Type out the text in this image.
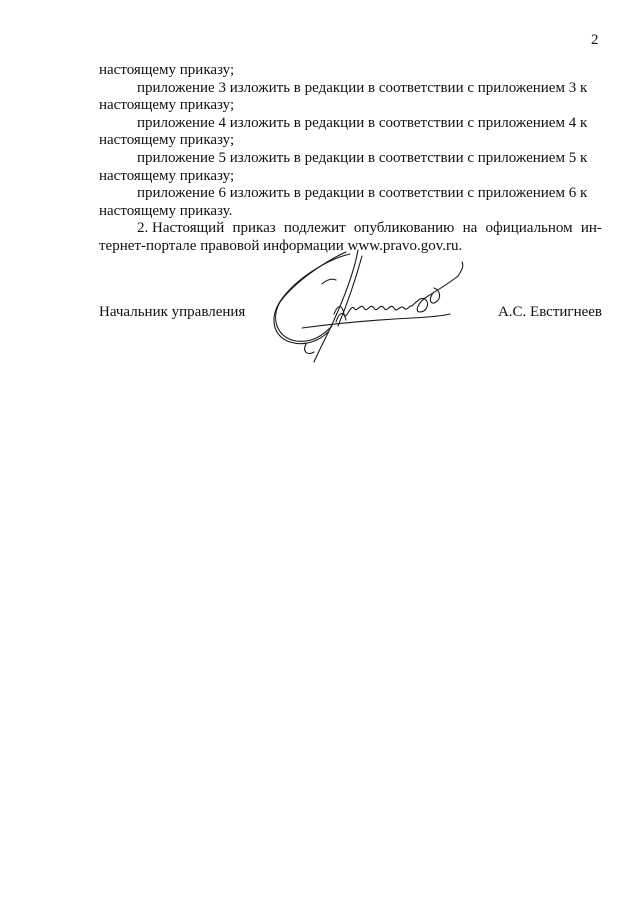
2
настоящему приказу;
приложение 3 изложить в редакции в соответствии с приложением 3 к
настоящему приказу;
приложение 4 изложить в редакции в соответствии с приложением 4 к
настоящему приказу;
приложение 5 изложить в редакции в соответствии с приложением 5 к
настоящему приказу;
приложение 6 изложить в редакции в соответствии с приложением 6 к
настоящему приказу.
2. Настоящий приказ подлежит опубликованию на официальном ин-
тернет-портале правовой информации www.pravo.gov.ru.
Начальник управления	А.С. Евстигнеев
